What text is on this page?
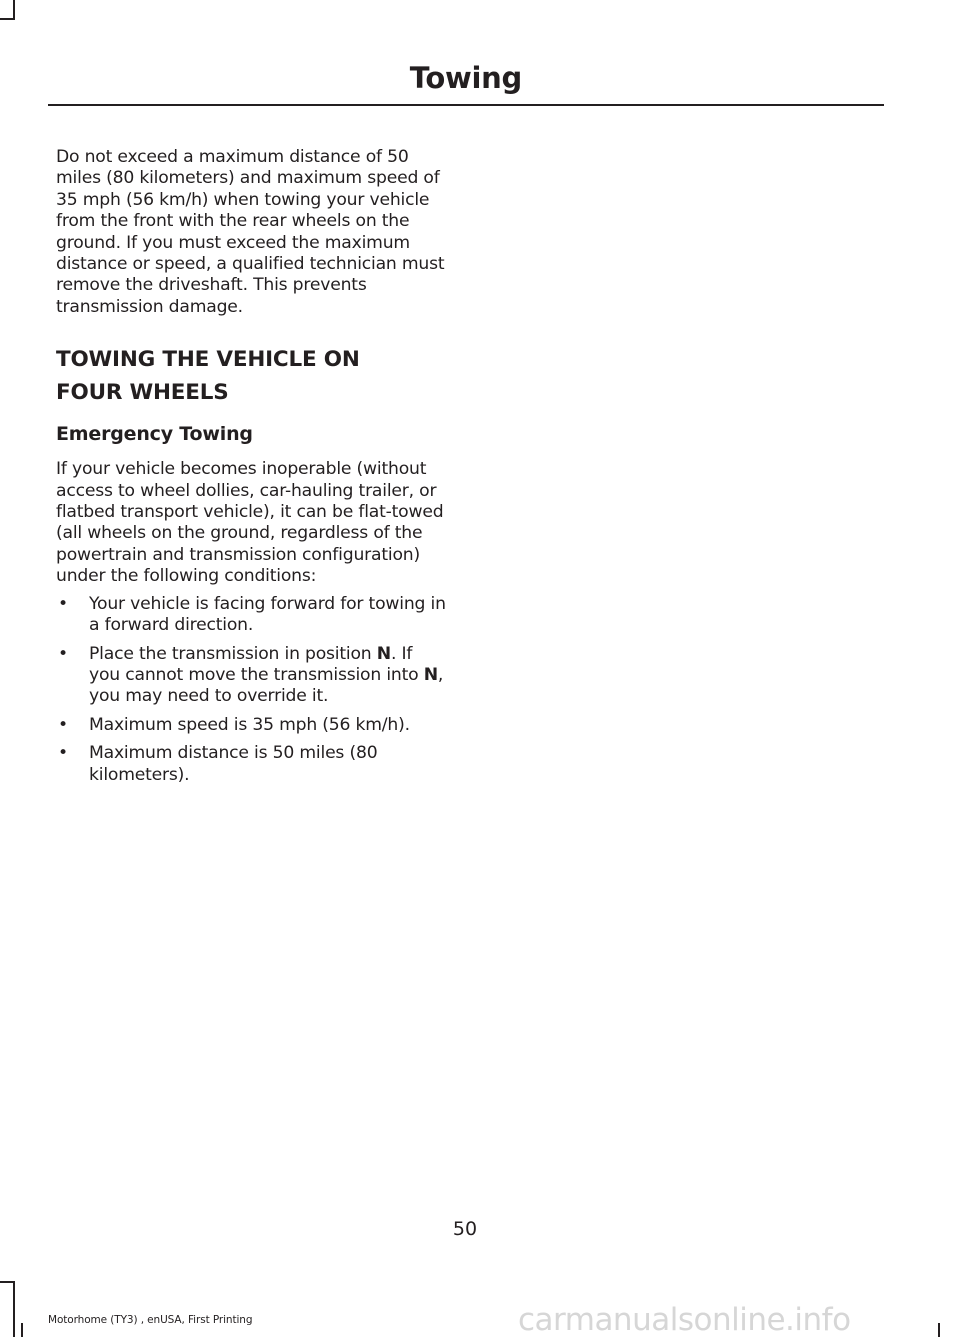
Towing

Do not exceed a maximum distance of 50 miles (80 kilometers) and maximum speed of 35 mph (56 km/h) when towing your vehicle from the front with the rear wheels on the ground. If you must exceed the maximum distance or speed, a qualified technician must remove the driveshaft. This prevents transmission damage.

TOWING THE VEHICLE ON
FOUR WHEELS
Emergency Towing

If your vehicle becomes inoperable (without access to wheel dollies, car-hauling trailer, or flatbed transport vehicle), it can be flat-towed (all wheels on the ground, regardless of the powertrain and transmission configuration) under the following conditions:

• Your vehicle is facing forward for towing in a forward direction.
• Place the transmission in position N. If you cannot move the transmission into N, you may need to override it.
• Maximum speed is 35 mph (56 km/h).
• Maximum distance is 50 miles (80 kilometers).
50
Motorhome (TY3) , enUSA, First Printing	carmanualsonline.info
